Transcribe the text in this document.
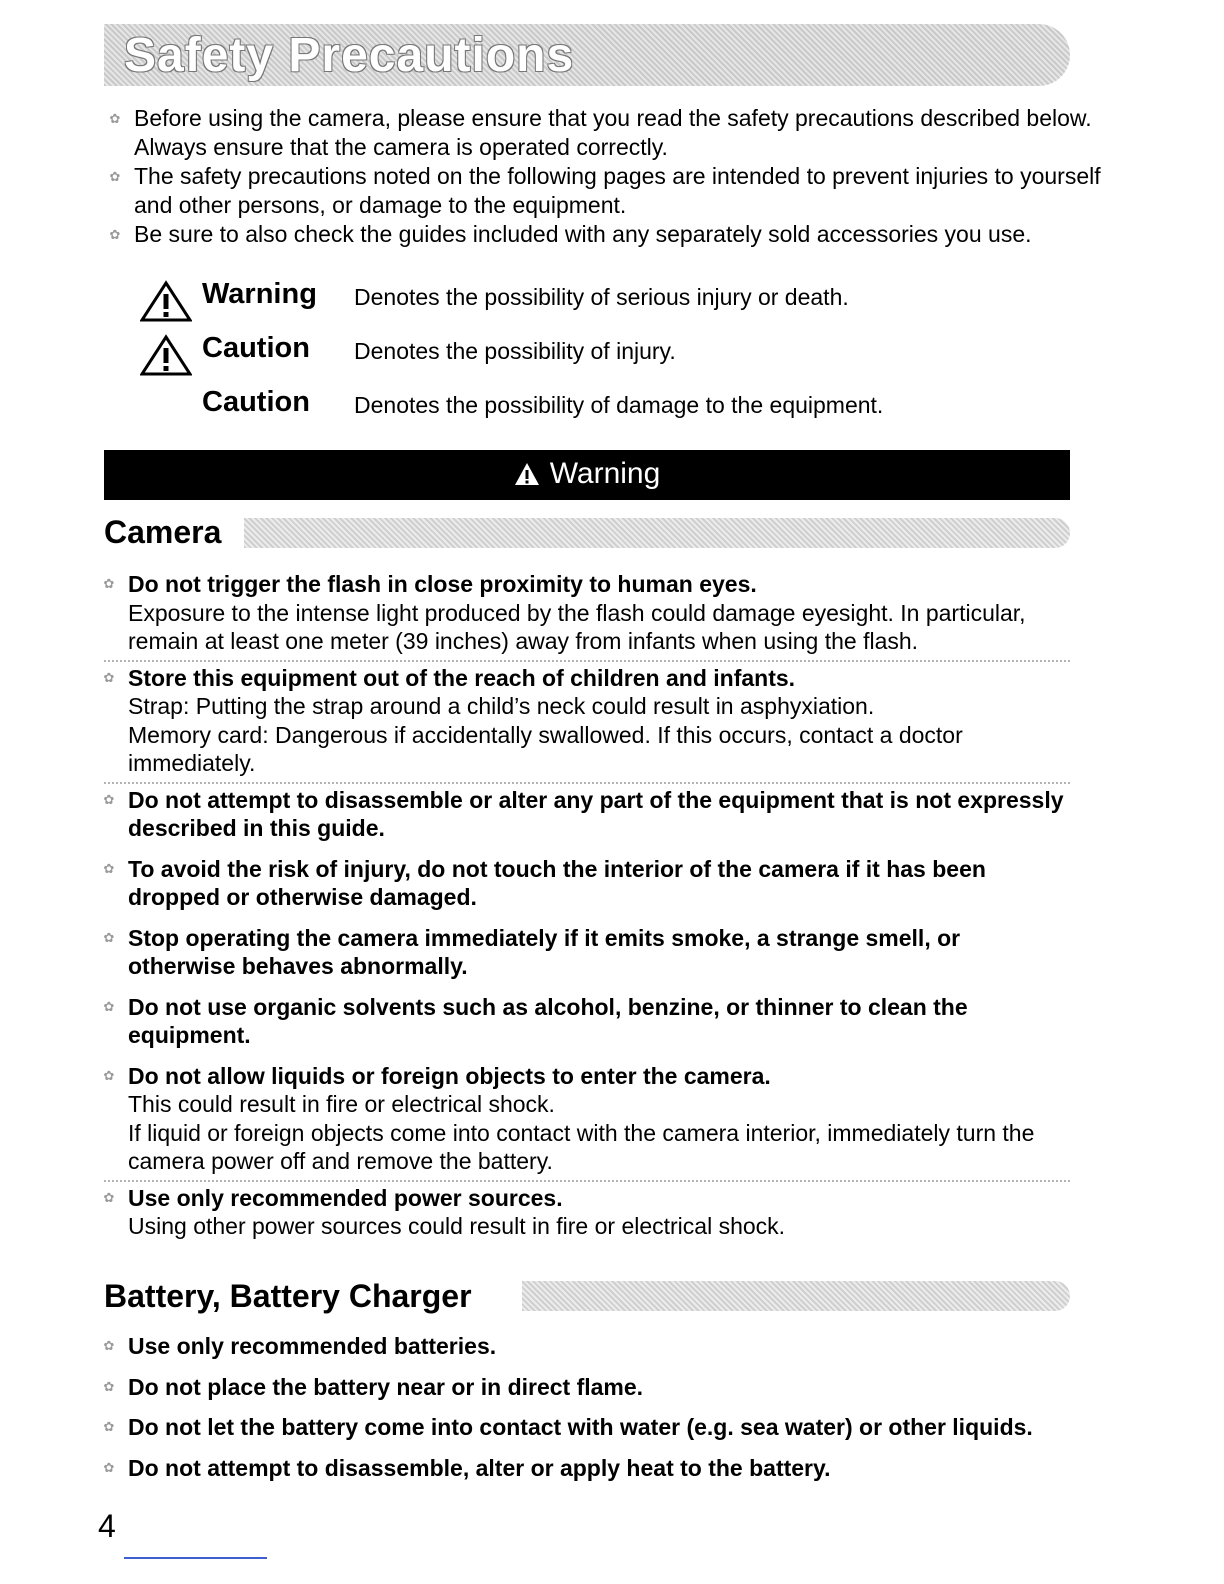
Safety Precautions
✿ Before using the camera, please ensure that you read the safety precautions described below. Always ensure that the camera is operated correctly.
✿ The safety precautions noted on the following pages are intended to prevent injuries to yourself and other persons, or damage to the equipment.
✿ Be sure to also check the guides included with any separately sold accessories you use.
Warning Denotes the possibility of serious injury or death.
Caution Denotes the possibility of injury.
Caution Denotes the possibility of damage to the equipment.
Warning
Camera
✿ Do not trigger the flash in close proximity to human eyes.
Exposure to the intense light produced by the flash could damage eyesight. In particular, remain at least one meter (39 inches) away from infants when using the flash.
✿ Store this equipment out of the reach of children and infants.
Strap: Putting the strap around a child’s neck could result in asphyxiation.
Memory card: Dangerous if accidentally swallowed. If this occurs, contact a doctor immediately.
✿ Do not attempt to disassemble or alter any part of the equipment that is not expressly described in this guide.
✿ To avoid the risk of injury, do not touch the interior of the camera if it has been dropped or otherwise damaged.
✿ Stop operating the camera immediately if it emits smoke, a strange smell, or otherwise behaves abnormally.
✿ Do not use organic solvents such as alcohol, benzine, or thinner to clean the equipment.
✿ Do not allow liquids or foreign objects to enter the camera.
This could result in fire or electrical shock.
If liquid or foreign objects come into contact with the camera interior, immediately turn the camera power off and remove the battery.
✿ Use only recommended power sources.
Using other power sources could result in fire or electrical shock.
Battery, Battery Charger
✿ Use only recommended batteries.
✿ Do not place the battery near or in direct flame.
✿ Do not let the battery come into contact with water (e.g. sea water) or other liquids.
✿ Do not attempt to disassemble, alter or apply heat to the battery.
4
